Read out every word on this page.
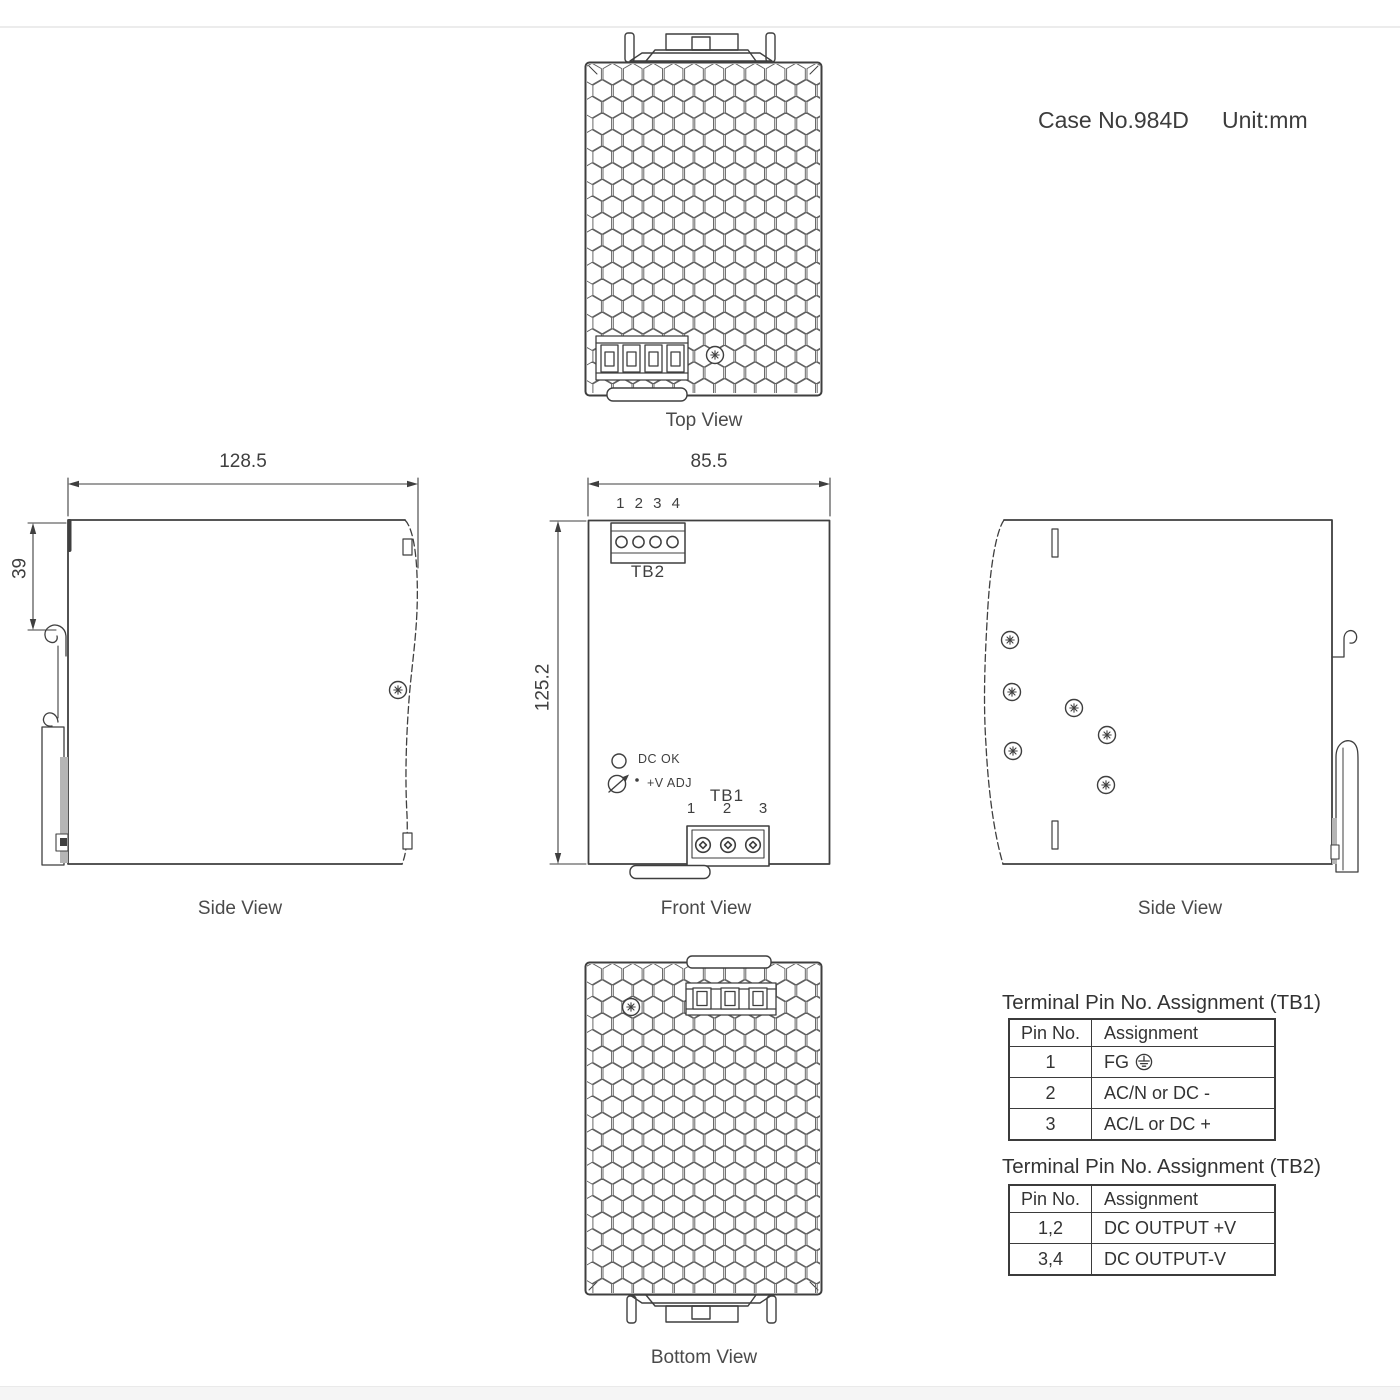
Case No.984D Unit:mm
Top View
128.5
39
Side View
85.5
125.2
1 2 3 4
TB2
DC OK
+V ADJ
TB1
1 2 3
Front View	Side View
Bottom View
Terminal Pin No. Assignment (TB1)
Pin No.	Assignment
1	FG
2	AC/N or DC -
3	AC/L or DC +
Terminal Pin No. Assignment (TB2)
Pin No.	Assignment
1,2	DC OUTPUT +V
3,4	DC OUTPUT-V
